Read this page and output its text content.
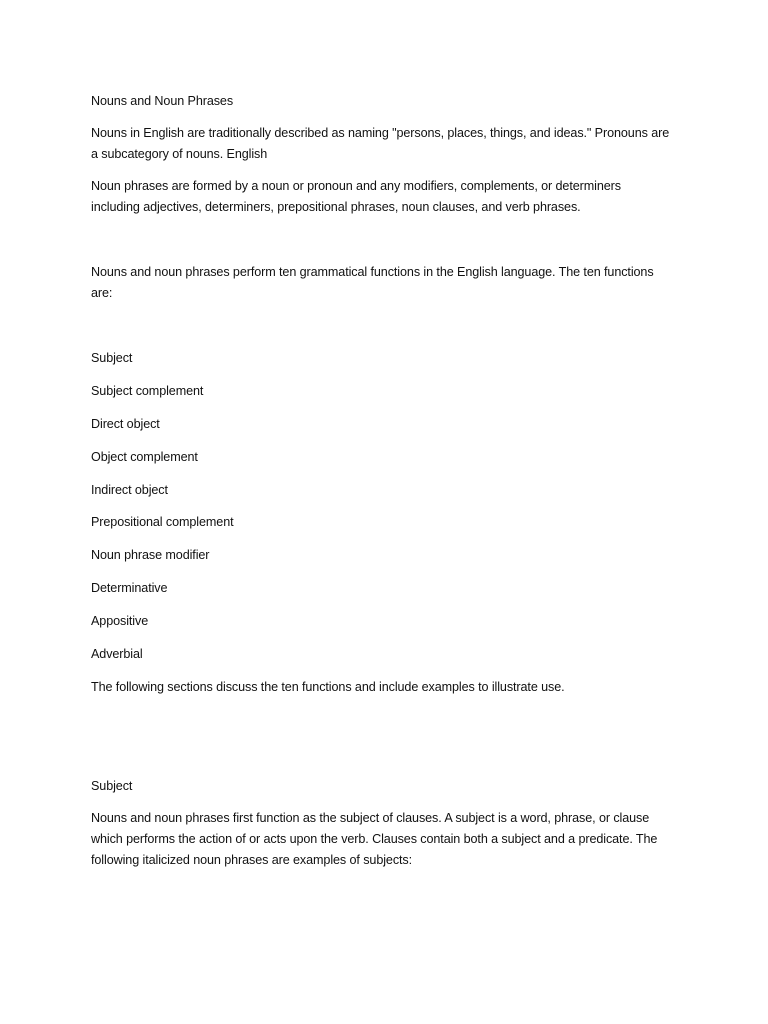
Nouns and Noun Phrases
Nouns in English are traditionally described as naming "persons, places, things, and ideas." Pronouns are
a subcategory of nouns. English
Noun phrases are formed by a noun or pronoun and any modifiers, complements, or determiners
including adjectives, determiners, prepositional phrases, noun clauses, and verb phrases.
Nouns and noun phrases perform ten grammatical functions in the English language. The ten functions
are:
Subject
Subject complement
Direct object
Object complement
Indirect object
Prepositional complement
Noun phrase modifier
Determinative
Appositive
Adverbial
The following sections discuss the ten functions and include examples to illustrate use.
Subject
Nouns and noun phrases first function as the subject of clauses. A subject is a word, phrase, or clause
which performs the action of or acts upon the verb. Clauses contain both a subject and a predicate. The
following italicized noun phrases are examples of subjects:
